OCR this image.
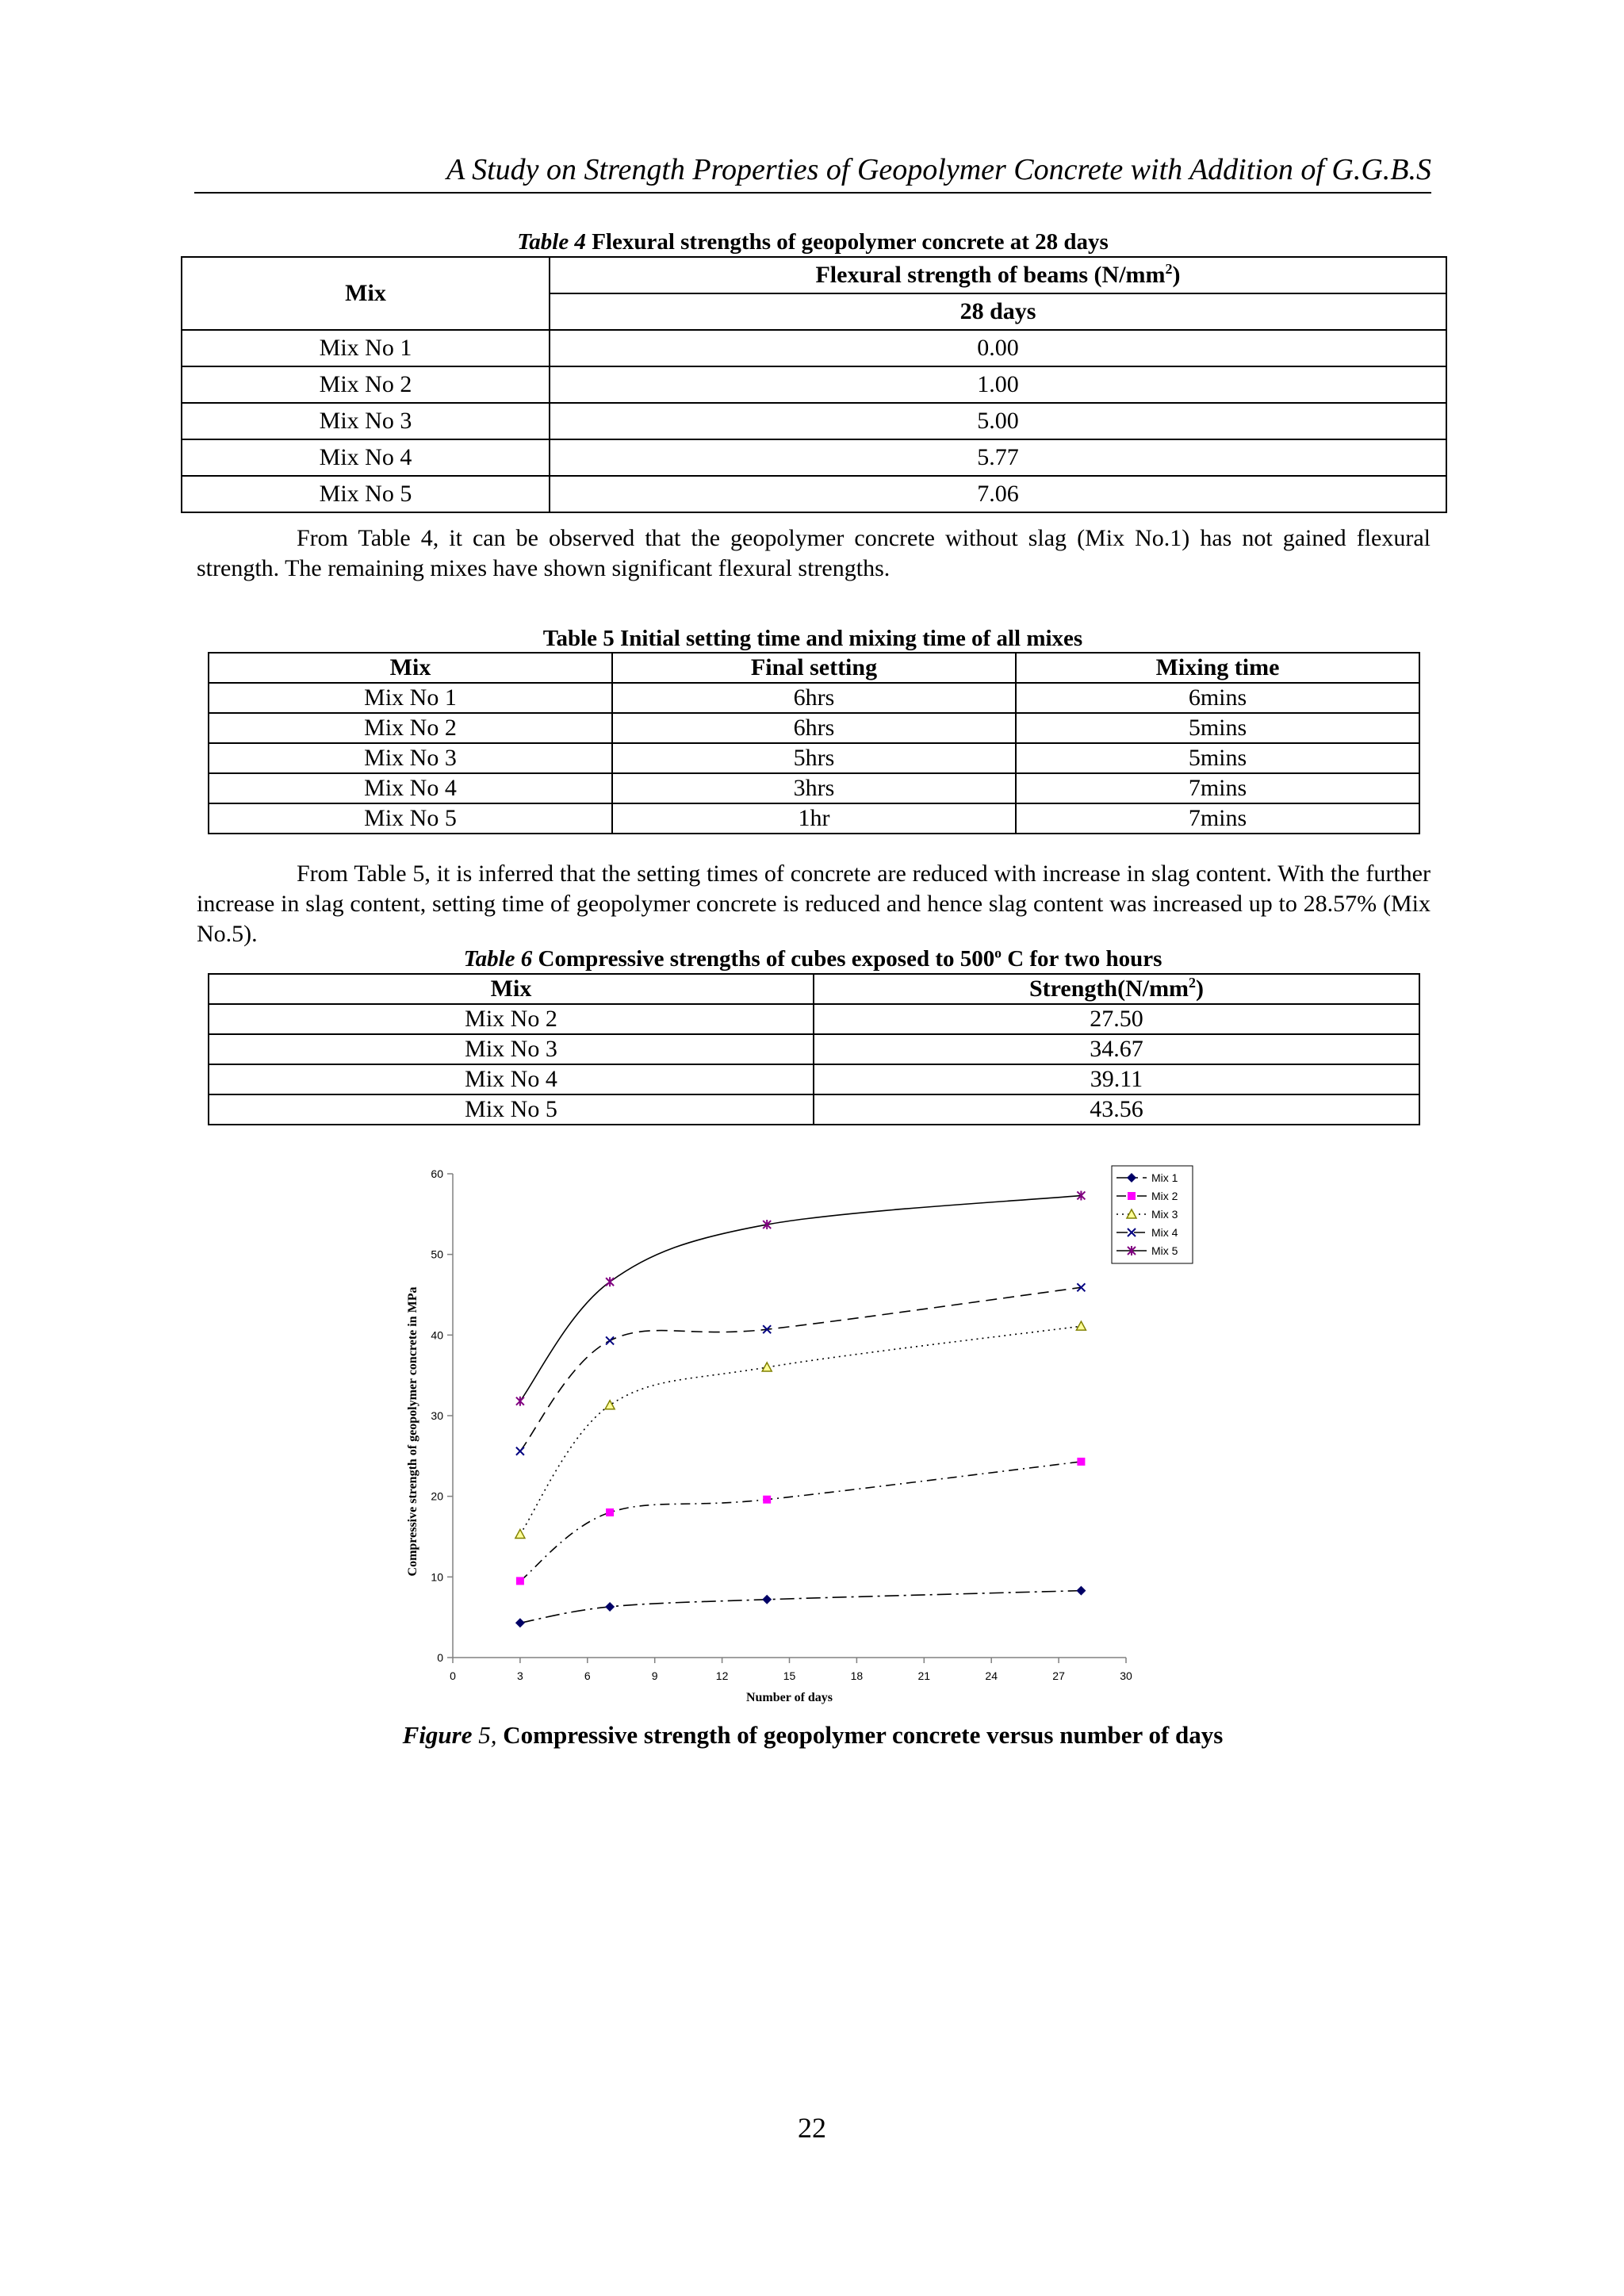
A Study on Strength Properties of Geopolymer Concrete with Addition of G.G.B.S
Table 4 Flexural strengths of geopolymer concrete at 28 days
Mix	Flexural strength of beams $(N/mm^2)$
	28 days
Mix No 1	0.00
Mix No 2	1.00
Mix No 3	5.00
Mix No 4	5.77
Mix No 5	7.06

From Table 4, it can be observed that the geopolymer concrete without slag (Mix No.1) has not gained flexural strength. The remaining mixes have shown significant flexural strengths.

Table 5 Initial setting time and mixing time of all mixes
Mix	Final setting	Mixing time
Mix No 1	6hrs	6mins
Mix No 2	6hrs	5mins
Mix No 3	5hrs	5mins
Mix No 4	3hrs	7mins
Mix No 5	1hr	7mins

From Table 5, it is inferred that the setting times of concrete are reduced with increase in slag content. With the further increase in slag content, setting time of geopolymer concrete is reduced and hence slag content was increased up to 28.57% (Mix No.5).

Table 6 Compressive strengths of cubes exposed to 500$^o$ C for two hours
Mix	$Strength(N/mm^2)$
Mix No 2	27.50
Mix No 3	34.67
Mix No 4	39.11
Mix No 5	43.56
0
10
20
30
40
50
60
0	3	6	9	12	15	18	21	24	27	30
Number of days
Compressive strength of geopolymer concrete in MPa
Mix 1
Mix 2
Mix 3
Mix 4
Mix 5
Figure 5, Compressive strength of geopolymer concrete versus number of days
22
